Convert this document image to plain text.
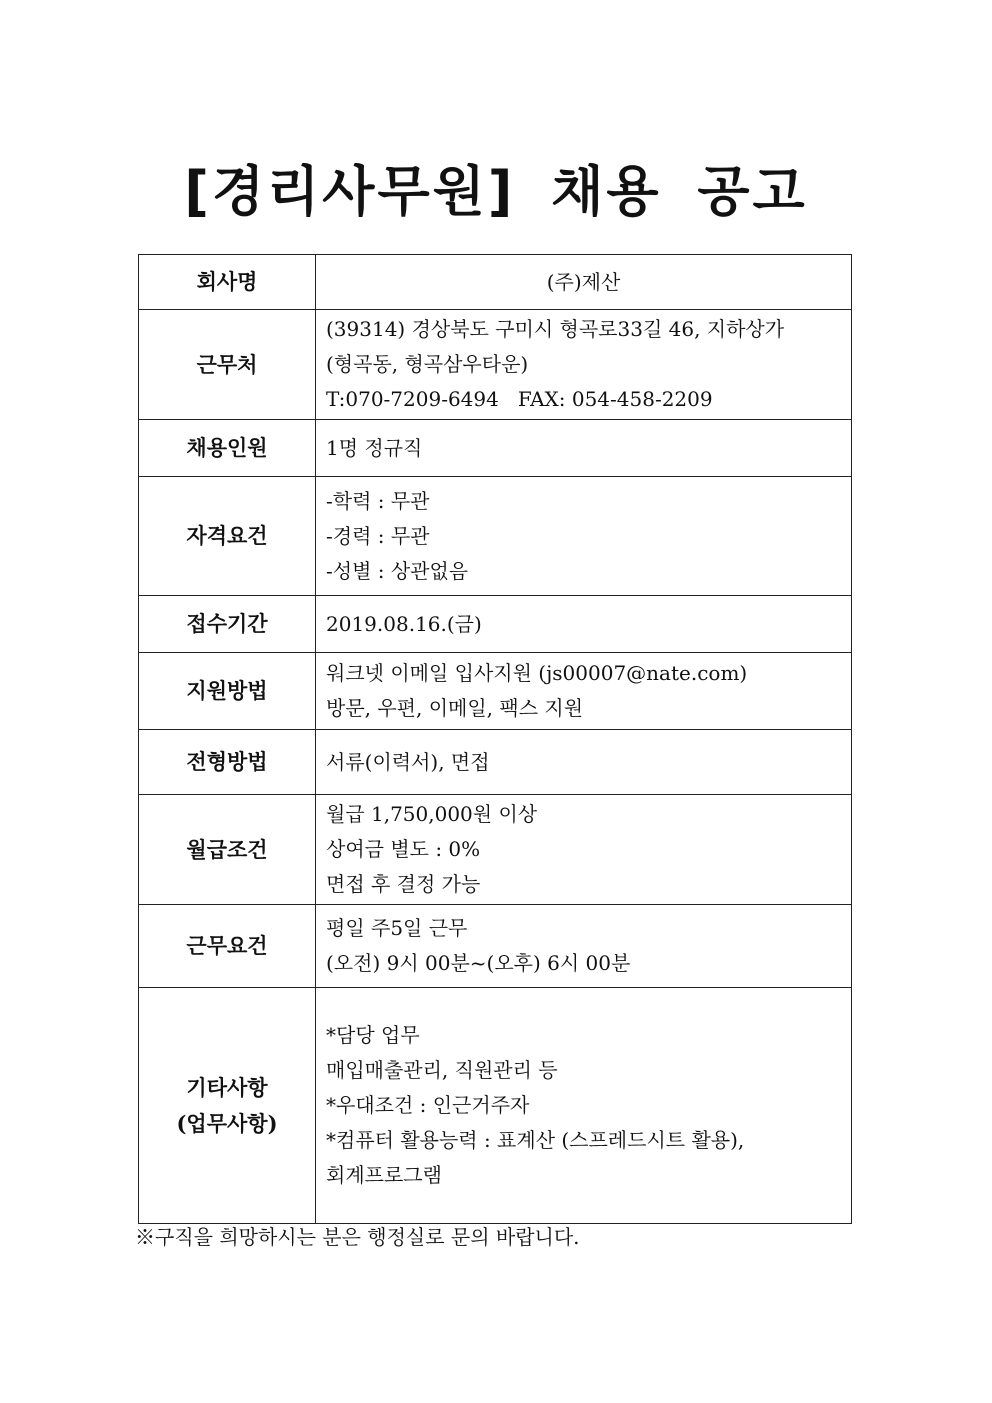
[경리사무원] 채용 공고
회사명	(주)제산

근무처	(39314) 경상북도 구미시 형곡로33길 46, 지하상가
(형곡동, 형곡삼우타운)
T:070-7209-6494   FAX: 054-458-2209

채용인원	1명 정규직

자격요건	-학력 : 무관
-경력 : 무관
-성별 : 상관없음

접수기간	2019.08.16.(금)

지원방법	워크넷 이메일 입사지원 (js00007@nate.com)
방문, 우편, 이메일, 팩스 지원

전형방법	서류(이력서), 면접

월급조건	월급 1,750,000원 이상
상여금 별도 : 0%
면접 후 결정 가능

근무요건	평일 주5일 근무
(오전) 9시 00분~(오후) 6시 00분

기타사항
(업무사항)	*담당 업무
매입매출관리, 직원관리 등
*우대조건 : 인근거주자
*컴퓨터 활용능력 : 표계산 (스프레드시트 활용),
회계프로그램
※구직을 희망하시는 분은 행정실로 문의 바랍니다.
